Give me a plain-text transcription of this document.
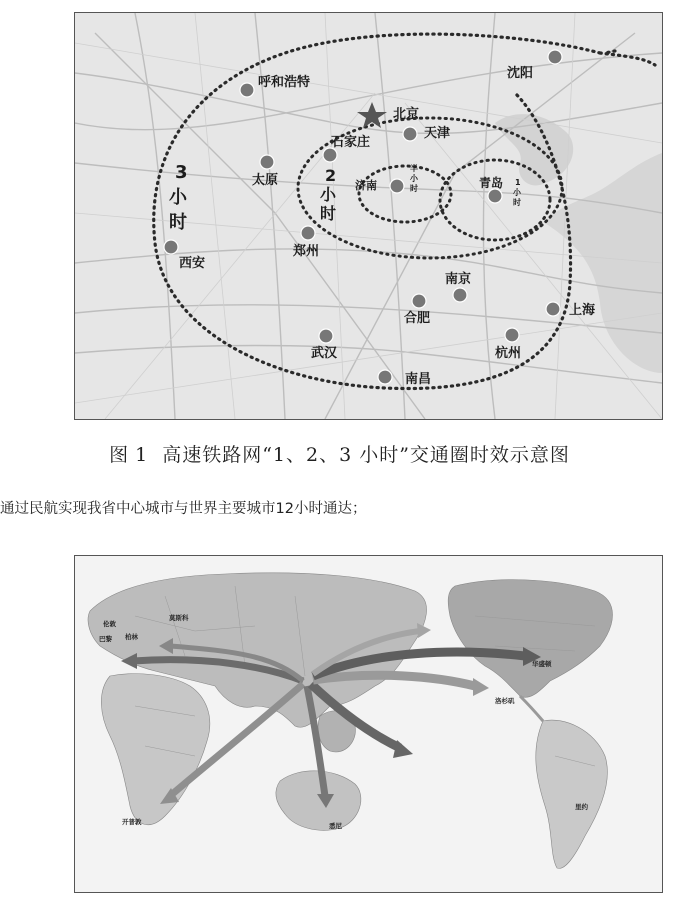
3
小
时
2
小
时
半
小
时
1
小
时
沈阳
呼和浩特
北京
天津
石家庄
太原	济南	青岛
郑州
西安
南京
合肥
上海
武汉	杭州
南昌
图 1 高速铁路网“1、2、3 小时”交通圈时效示意图
通过民航实现我省中心城市与世界主要城市12小时通达；
伦敦
巴黎 柏林
莫斯科
洛杉矶
华盛顿
开普敦	悉尼
里约
